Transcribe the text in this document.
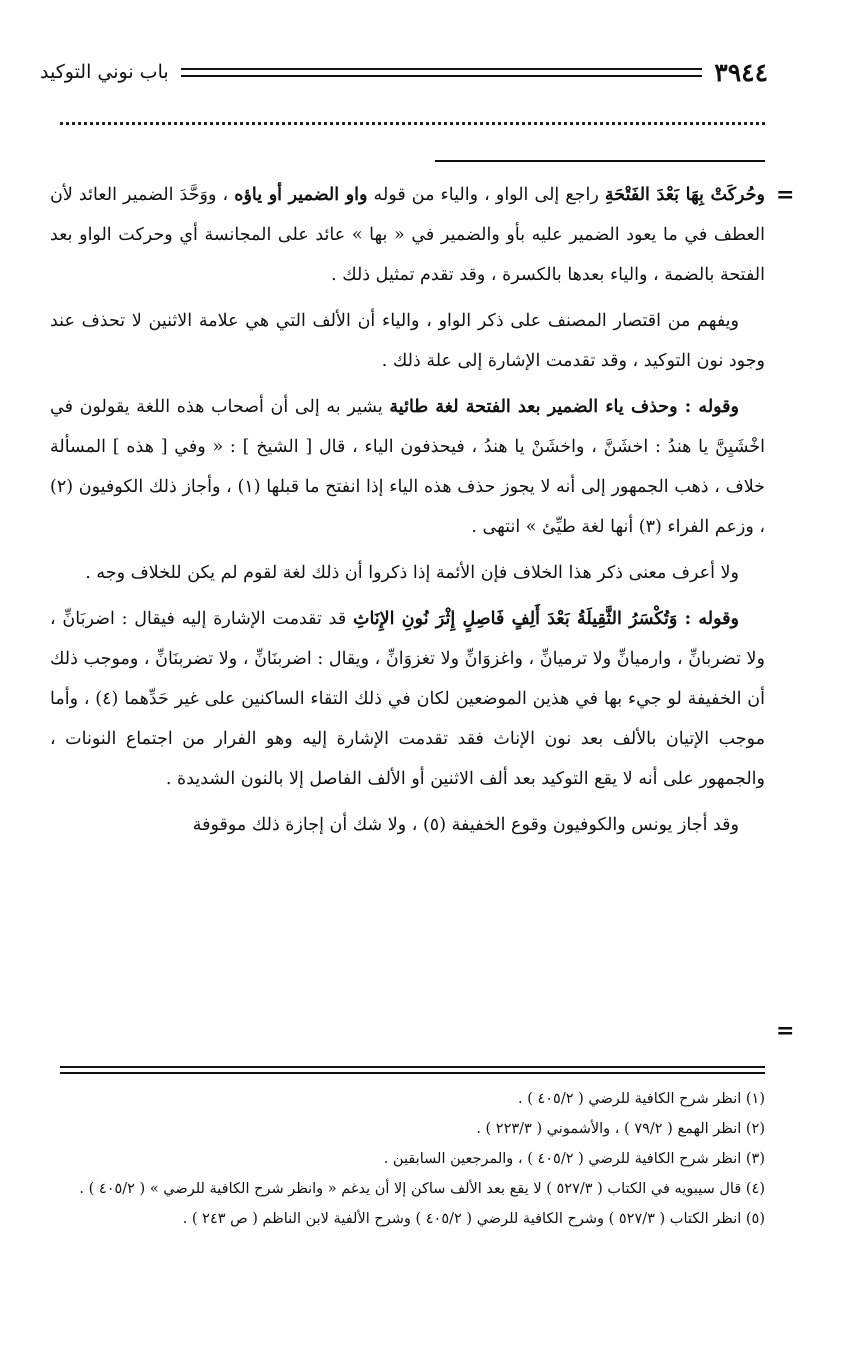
باب نوني التوكيد	٣٩٤٤
=

وحُركَتْ بِهَا بَعْدَ الفَتْحَةِ راجع إلى الواو ، والياء من قوله واو الضمير أو ياؤه ، ووَحَّدَ الضمير العائد لأن العطف في ما يعود الضمير عليه بأو والضمير في « بها » عائد على المجانسة أي وحركت الواو بعد الفتحة بالضمة ، والياء بعدها بالكسرة ، وقد تقدم تمثيل ذلك .

ويفهم من اقتصار المصنف على ذكر الواو ، والياء أن الألف التي هي علامة الاثنين لا تحذف عند وجود نون التوكيد ، وقد تقدمت الإشارة إلى علة ذلك .

وقوله : وحذف ياء الضمير بعد الفتحة لغة طائية يشير به إلى أن أصحاب هذه اللغة يقولون في اخْشَيِنَّ يا هندُ : اخشَنَّ ، واخشَنْ يا هندُ ، فيحذفون الياء ، قال [ الشيخ ] : « وفي [ هذه ] المسألة خلاف ، ذهب الجمهور إلى أنه لا يجوز حذف هذه الياء إذا انفتح ما قبلها (١) ، وأجاز ذلك الكوفيون (٢) ، وزعم الفراء (٣) أنها لغة طيِّئ » انتهى .

ولا أعرف معنى ذكر هذا الخلاف فإن الأئمة إذا ذكروا أن ذلك لغة لقوم لم يكن للخلاف وجه .

وقوله : وَتُكْسَرُ الثَّقِيلَةُ بَعْدَ أَلِفٍ فَاصِلٍ إِثْرَ نُونِ الإِنَاثِ قد تقدمت الإشارة إليه فيقال : اضربَانِّ ، ولا تضربانِّ ، وارميانِّ ولا ترميانِّ ، واغزوَانِّ ولا تغزوَانِّ ، ويقال : اضربنَانِّ ، ولا تضربنَانِّ ، وموجب ذلك أن الخفيفة لو جيء بها في هذين الموضعين لكان في ذلك التقاء الساكنين على غير حَدِّهما (٤) ، وأما موجب الإتيان بالألف بعد نون الإناث فقد تقدمت الإشارة إليه وهو الفرار من اجتماع النونات ، والجمهور على أنه لا يقع التوكيد بعد ألف الاثنين أو الألف الفاصل إلا بالنون الشديدة .

وقد أجاز يونس والكوفيون وقوع الخفيفة (٥) ، ولا شك أن إجازة ذلك موقوفة

=

(١) انظر شرح الكافية للرضي ( ٤٠٥/٢ ) .

(٢) انظر الهمع ( ٧٩/٢ ) ، والأشموني ( ٢٢٣/٣ ) .

(٣) انظر شرح الكافية للرضي ( ٤٠٥/٢ ) ، والمرجعين السابقين .

(٤) قال سيبويه في الكتاب ( ٥٢٧/٣ ) لا يقع بعد الألف ساكن إلا أن يدغم « وانظر شرح الكافية للرضي » ( ٤٠٥/٢ ) .

(٥) انظر الكتاب ( ٥٢٧/٣ ) وشرح الكافية للرضي ( ٤٠٥/٢ ) وشرح الألفية لابن الناظم ( ص ٢٤٣ ) .
